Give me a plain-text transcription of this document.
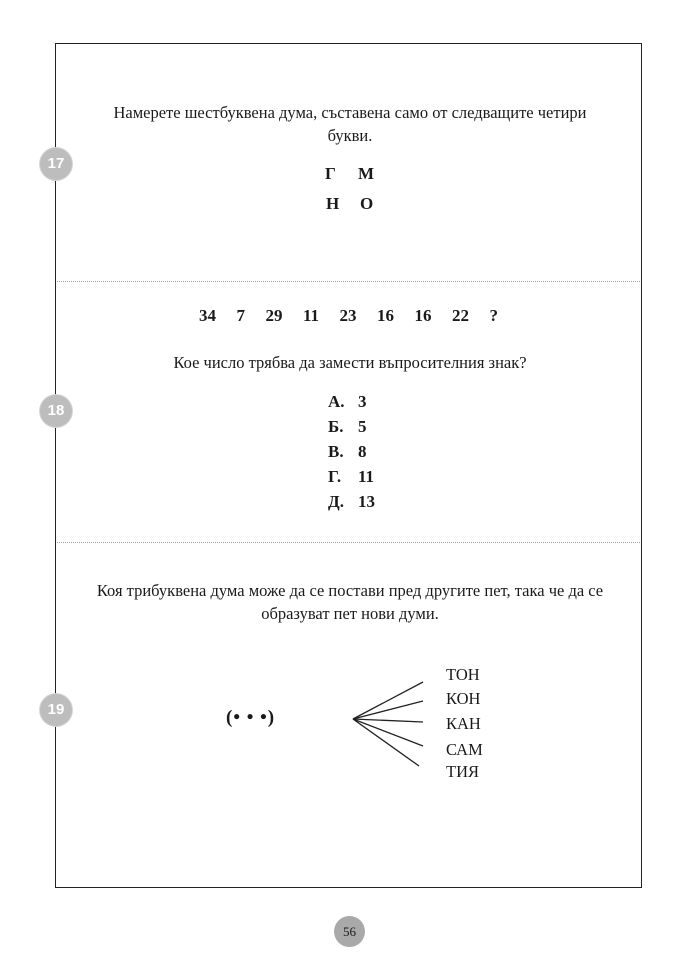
17
Намерете шестбуквена дума, съставена само от следващите четири букви.
Г М
Н О
18
34  7  29  11  23  16  16  22  ?
Кое число трябва да замести въпросителния знак?
А. 3
Б. 5
В. 8
Г. 11
Д. 13
19
Коя трибуквена дума може да се постави пред другите пет, така че да се образуват пет нови думи.
(• • •)
ТОН
КОН
КАН
САМ
ТИЯ
56
